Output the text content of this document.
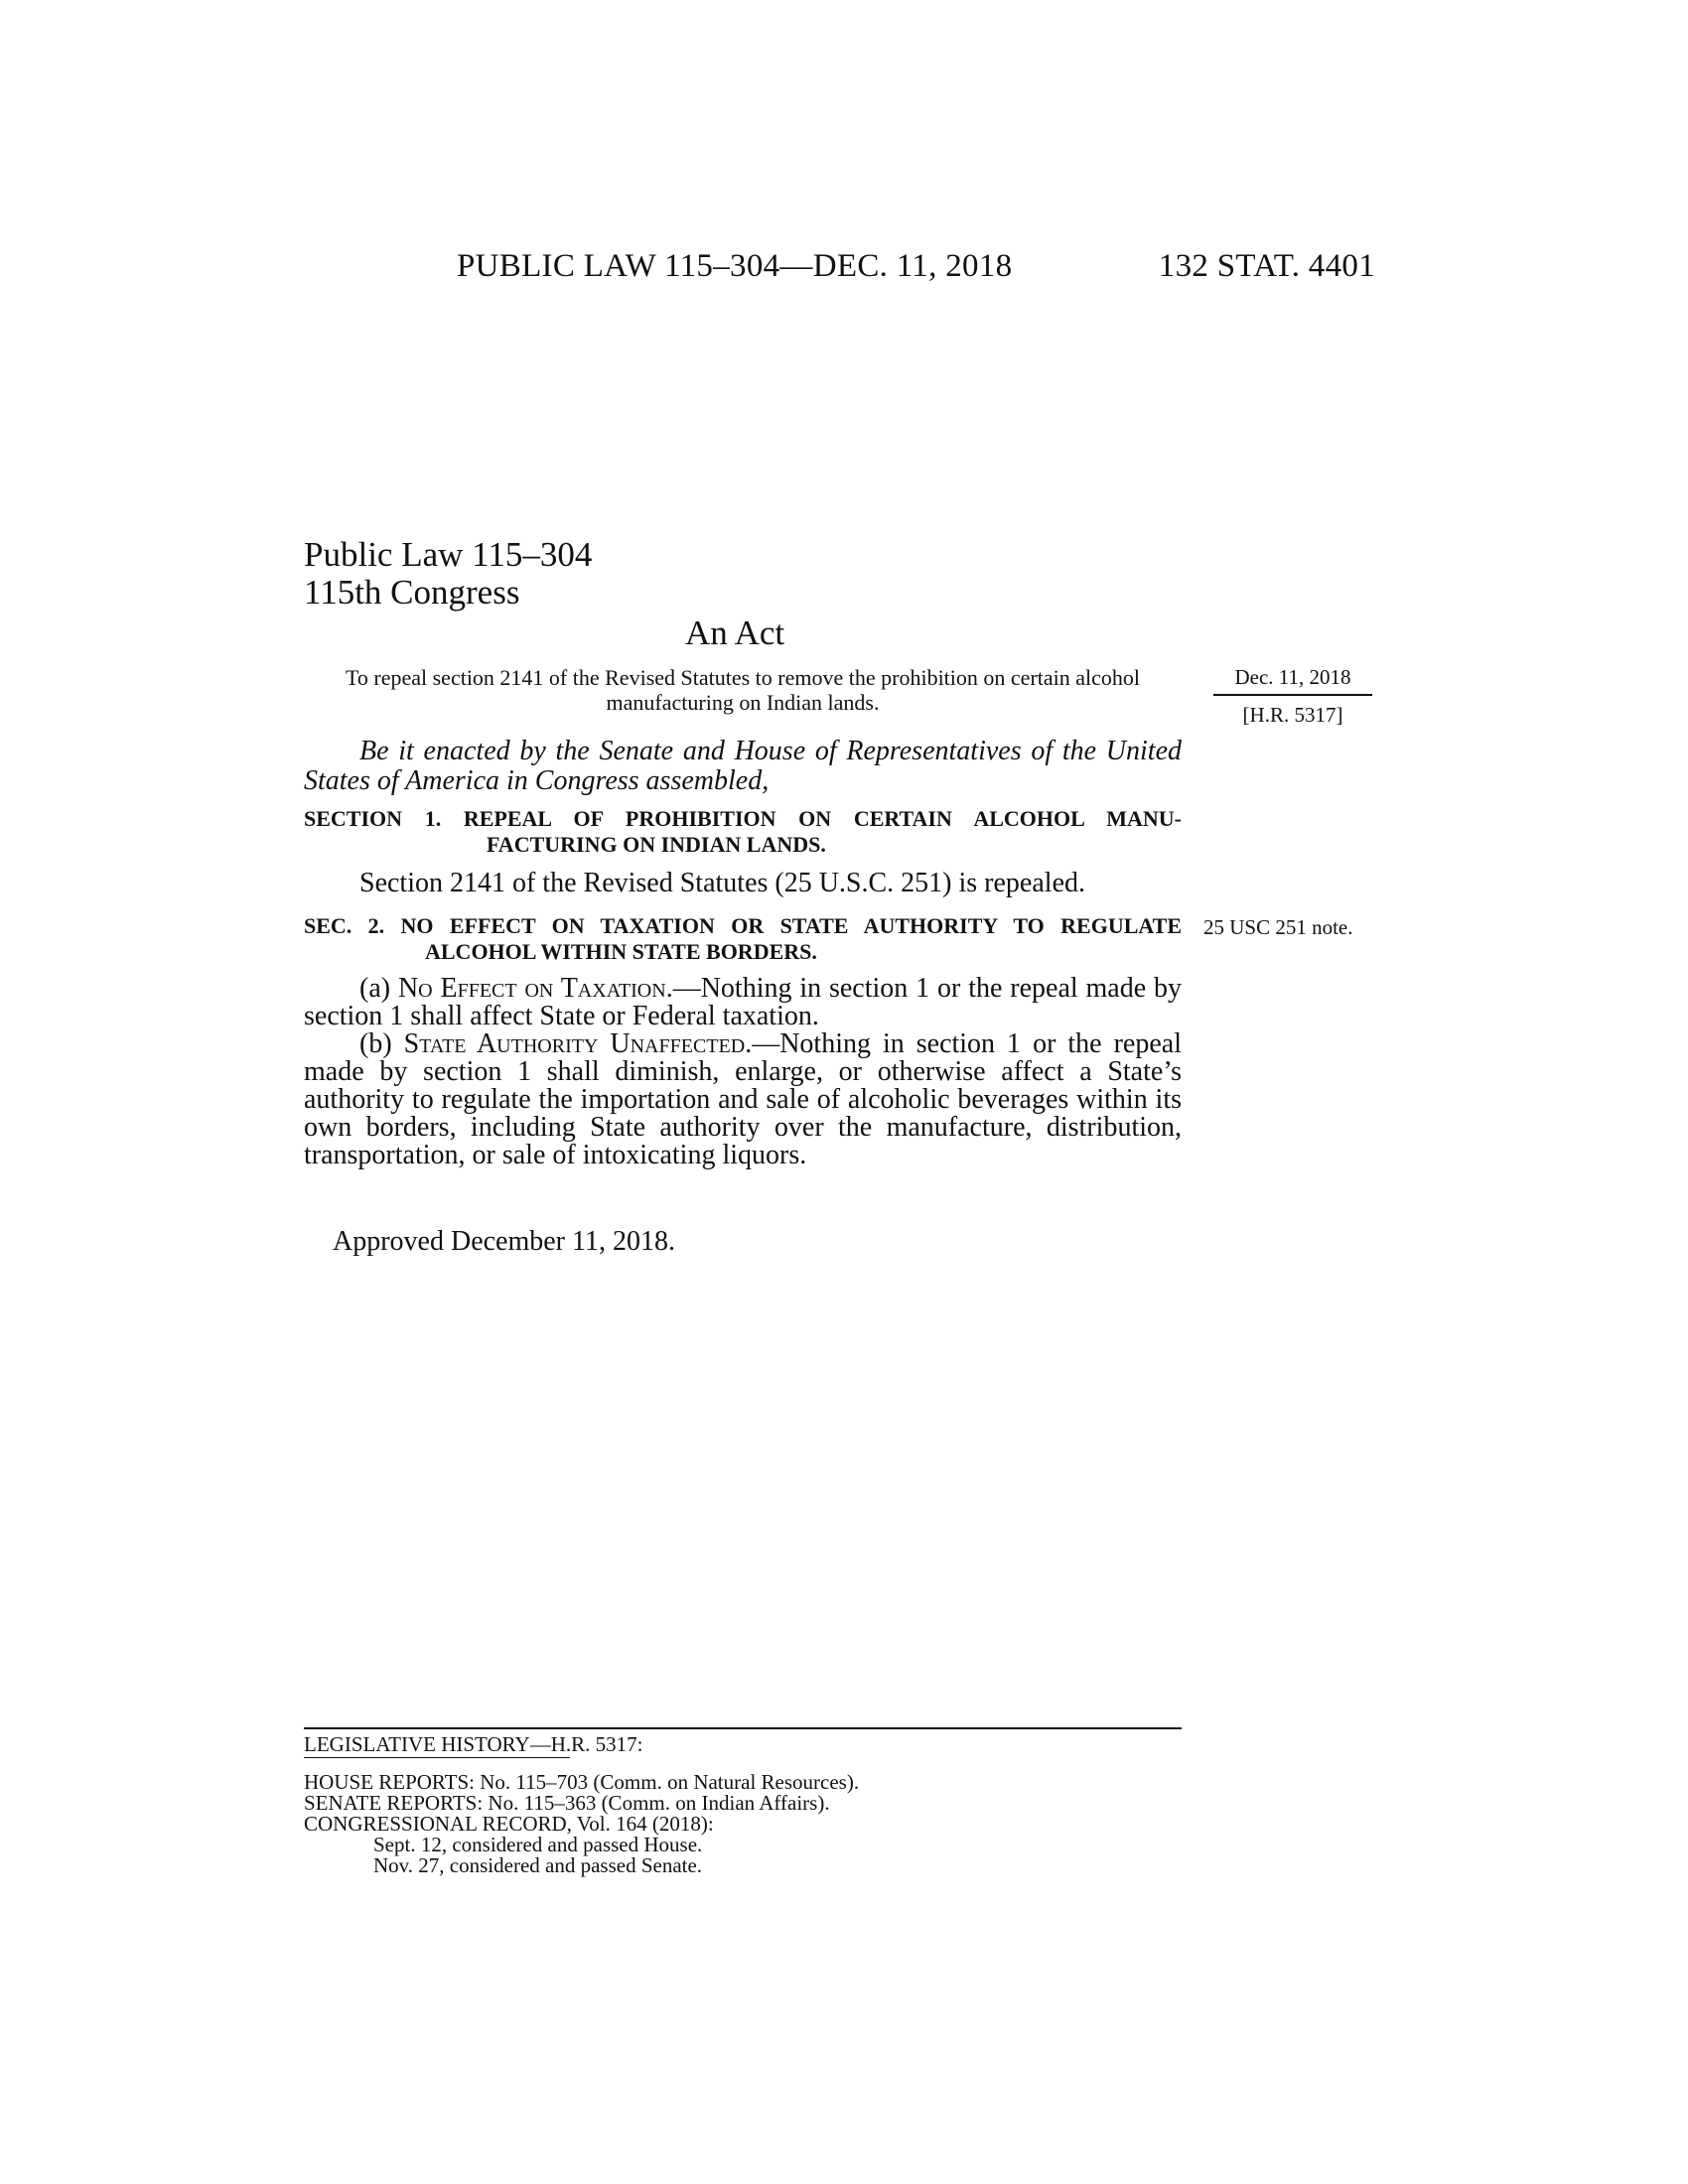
PUBLIC LAW 115–304—DEC. 11, 2018	132 STAT. 4401
Public Law 115–304
115th Congress
An Act
To repeal section 2141 of the Revised Statutes to remove the prohibition on certain alcohol manufacturing on Indian lands.
Dec. 11, 2018
[H.R. 5317]
Be it enacted by the Senate and House of Representatives of the United States of America in Congress assembled,
SECTION 1. REPEAL OF PROHIBITION ON CERTAIN ALCOHOL MANU-
FACTURING ON INDIAN LANDS.
Section 2141 of the Revised Statutes (25 U.S.C. 251) is repealed.
SEC. 2. NO EFFECT ON TAXATION OR STATE AUTHORITY TO REGULATE
ALCOHOL WITHIN STATE BORDERS.
25 USC 251 note.
(a) No Effect on Taxation.—Nothing in section 1 or the repeal made by section 1 shall affect State or Federal taxation.
(b) State Authority Unaffected.—Nothing in section 1 or the repeal made by section 1 shall diminish, enlarge, or otherwise affect a State’s authority to regulate the importation and sale of alcoholic beverages within its own borders, including State authority over the manufacture, distribution, transportation, or sale of intoxicating liquors.
Approved December 11, 2018.
LEGISLATIVE HISTORY—H.R. 5317:
HOUSE REPORTS: No. 115–703 (Comm. on Natural Resources).
SENATE REPORTS: No. 115–363 (Comm. on Indian Affairs).
CONGRESSIONAL RECORD, Vol. 164 (2018):
Sept. 12, considered and passed House.
Nov. 27, considered and passed Senate.
